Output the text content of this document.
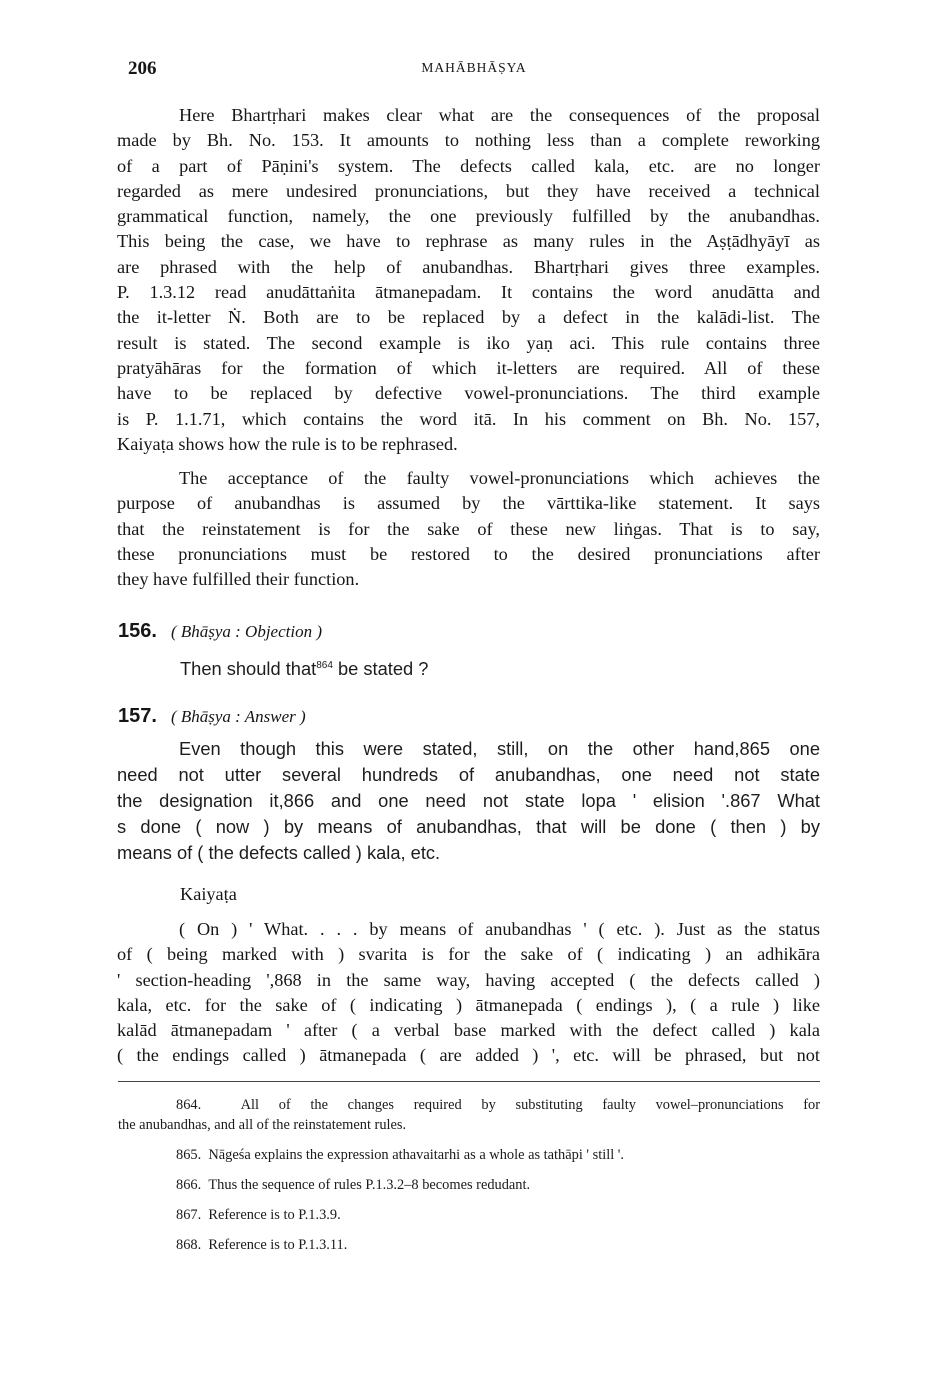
206	MAHĀBHĀṢYA

Here Bhartṛhari makes clear what are the consequences of the proposal

made by Bh. No. 153. It amounts to nothing less than a complete reworking

of a part of Pāṇini's system. The defects called kala, etc. are no longer

regarded as mere undesired pronunciations, but they have received a technical

grammatical function, namely, the one previously fulfilled by the anubandhas.

This being the case, we have to rephrase as many rules in the Aṣṭādhyāyī as

are phrased with the help of anubandhas. Bhartṛhari gives three examples.

P. 1.3.12 read anudāttaṅita ātmanepadam. It contains the word anudātta and

the it-letter Ṅ. Both are to be replaced by a defect in the kalādi-list. The

result is stated. The second example is iko yaṇ aci. This rule contains three

pratyāhāras for the formation of which it-letters are required. All of these

have to be replaced by defective vowel-pronunciations. The third example

is P. 1.1.71, which contains the word itā. In his comment on Bh. No. 157,

Kaiyaṭa shows how the rule is to be rephrased.

The acceptance of the faulty vowel-pronunciations which achieves the

purpose of anubandhas is assumed by the vārttika-like statement. It says

that the reinstatement is for the sake of these new liṅgas. That is to say,

these pronunciations must be restored to the desired pronunciations after

they have fulfilled their function.

156. ( Bhāṣya : Objection )

Then should that$^{864}$ be stated ?

157. ( Bhāṣya : Answer )

Even though this were stated, still, on the other hand,865 one

need not utter several hundreds of anubandhas, one need not state

the designation it,866 and one need not state lopa ' elision '.867 What

s done ( now ) by means of anubandhas, that will be done ( then ) by

means of ( the defects called ) kala, etc.

Kaiyaṭa

( On ) ' What. . . . by means of anubandhas ' ( etc. ). Just as the status

of ( being marked with ) svarita is for the sake of ( indicating ) an adhikāra

' section-heading ',868 in the same way, having accepted ( the defects called )

kala, etc. for the sake of ( indicating ) ātmanepada ( endings ), ( a rule ) like

kalād ātmanepadam ' after ( a verbal base marked with the defect called ) kala

( the endings called ) ātmanepada ( are added ) ', etc. will be phrased, but not

864.	All of the changes required by substituting faulty vowel–pronunciations for
the anubandhas, and all of the reinstatement rules.
865. Nāgeśa explains the expression athavaitarhi as a whole as tathāpi ' still '.
866. Thus the sequence of rules P.1.3.2–8 becomes redudant.
867. Reference is to P.1.3.9.
868. Reference is to P.1.3.11.
